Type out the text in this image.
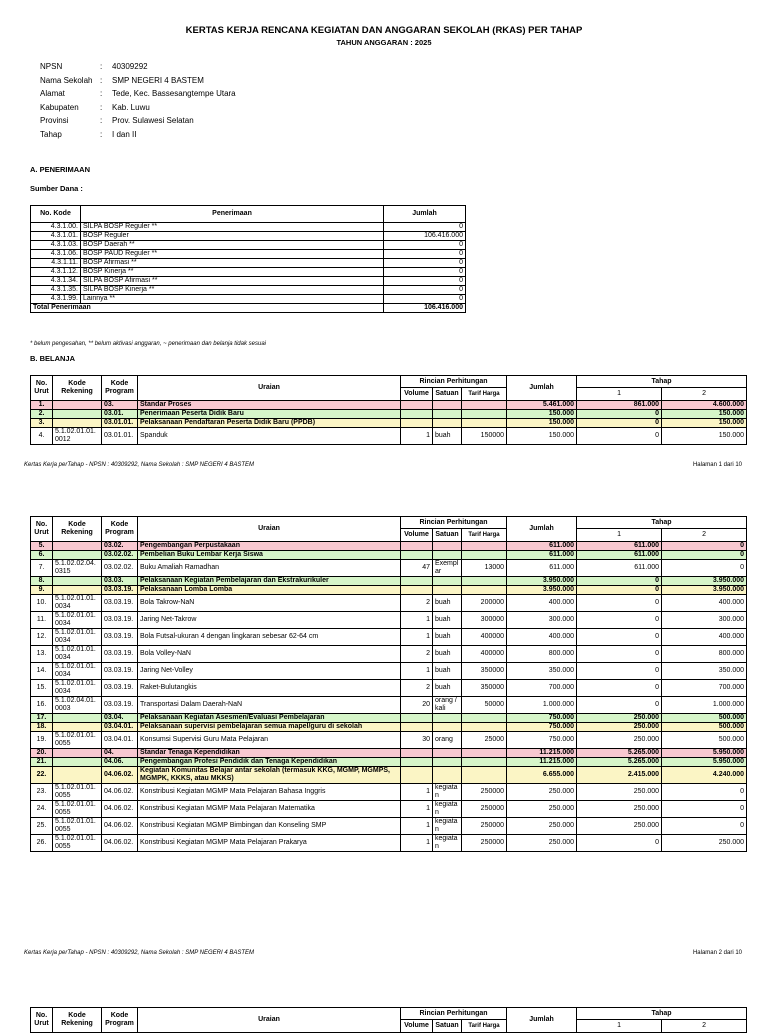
KERTAS KERJA RENCANA KEGIATAN DAN ANGGARAN SEKOLAH (RKAS) PER TAHAP
TAHUN ANGGARAN : 2025
NPSN	:	40309292
Nama Sekolah :	SMP NEGERI 4 BASTEM
Alamat	:	Tede, Kec. Bassesangtempe Utara
Kabupaten	:	Kab. Luwu
Provinsi	:	Prov. Sulawesi Selatan
Tahap	:	I dan II
A. PENERIMAAN
Sumber Dana :
No. Kode	Penerimaan	Jumlah
4.3.1.00.	SILPA BOSP Reguler **	0
4.3.1.01.	BOSP Reguler	106.416.000
4.3.1.03.	BOSP Daerah **	0
4.3.1.06.	BOSP PAUD Reguler **	0
4.3.1.11.	BOSP Afirmasi **	0
4.3.1.12.	BOSP Kinerja **	0
4.3.1.34.	SILPA BOSP Afirmasi **	0
4.3.1.35.	SILPA BOSP Kinerja **	0
4.3.1.99.	Lainnya **	0
Total Penerimaan		106.416.000
* belum pengesahan, ** belum aktivasi anggaran, ~ penerimaan dan belanja tidak sesuai
B. BELANJA
No. Urut	Kode Rekening	Kode Program	Uraian	Rincian Perhitungan			Jumlah	Tahap	
				Volume	Satuan	Tarif Harga		1	2
1.		03.	Standar Proses				5.461.000	861.000	4.600.000
2.		03.01.	Penerimaan Peserta Didik Baru				150.000	0	150.000
3.		03.01.01.	Pelaksanaan Pendaftaran Peserta Didik Baru (PPDB)				150.000	0	150.000
4.	5.1.02.01.01.0012	03.01.01.	Spanduk	1	buah	150000	150.000	0	150.000
Kertas Kerja perTahap - NPSN : 40309292, Nama Sekolah : SMP NEGERI 4 BASTEM	Halaman 1 dari 10
No. Urut	Kode Rekening	Kode Program	Uraian	Rincian Perhitungan			Jumlah	Tahap	
				Volume	Satuan	Tarif Harga		1	2
5.		03.02.	Pengembangan Perpustakaan				611.000	611.000	0
6.		03.02.02.	Pembelian Buku Lembar Kerja Siswa				611.000	611.000	0
7.	5.1.02.02.04.0315	03.02.02.	Buku Amaliah Ramadhan	47	Exemplar	13000	611.000	611.000	0
8.		03.03.	Pelaksanaan Kegiatan Pembelajaran dan Ekstrakurikuler				3.950.000	0	3.950.000
9.		03.03.19.	Pelaksanaan Lomba Lomba				3.950.000	0	3.950.000
10.	5.1.02.01.01.0034	03.03.19.	Bola Takrow-NaN	2	buah	200000	400.000	0	400.000
11.	5.1.02.01.01.0034	03.03.19.	Jaring Net-Takrow	1	buah	300000	300.000	0	300.000
12.	5.1.02.01.01.0034	03.03.19.	Bola Futsal-ukuran 4 dengan lingkaran sebesar 62-64 cm	1	buah	400000	400.000	0	400.000
13.	5.1.02.01.01.0034	03.03.19.	Bola Volley-NaN	2	buah	400000	800.000	0	800.000
14.	5.1.02.01.01.0034	03.03.19.	Jaring Net-Volley	1	buah	350000	350.000	0	350.000
15.	5.1.02.01.01.0034	03.03.19.	Raket-Bulutangkis	2	buah	350000	700.000	0	700.000
16.	5.1.02.04.01.0003	03.03.19.	Transportasi Dalam Daerah-NaN	20	orang / kali	50000	1.000.000	0	1.000.000
17.		03.04.	Pelaksanaan Kegiatan Asesmen/Evaluasi Pembelajaran				750.000	250.000	500.000
18.		03.04.01.	Pelaksanaan supervisi pembelajaran semua mapel/guru di sekolah				750.000	250.000	500.000
19.	5.1.02.01.01.0055	03.04.01.	Konsumsi Supervisi Guru Mata Pelajaran	30	orang	25000	750.000	250.000	500.000
20.		04.	Standar Tenaga Kependidikan				11.215.000	5.265.000	5.950.000
21.		04.06.	Pengembangan Profesi Pendidik dan Tenaga Kependidikan				11.215.000	5.265.000	5.950.000
22.		04.06.02.	Kegiatan Komunitas Belajar antar sekolah (termasuk KKG, MGMP, MGMPS, MGMPK, KKKS, atau MKKS)				6.655.000	2.415.000	4.240.000
23.	5.1.02.01.01.0055	04.06.02.	Konstribusi Kegiatan MGMP Mata Pelajaran Bahasa Inggris	1	kegiatan	250000	250.000	250.000	0
24.	5.1.02.01.01.0055	04.06.02.	Konstribusi Kegiatan MGMP Mata Pelajaran Matematika	1	kegiatan	250000	250.000	250.000	0
25.	5.1.02.01.01.0055	04.06.02.	Konstribusi Kegiatan MGMP Bimbingan dan Konseling SMP	1	kegiatan	250000	250.000	250.000	0
26.	5.1.02.01.01.0055	04.06.02.	Konstribusi Kegiatan MGMP Mata Pelajaran Prakarya	1	kegiatan	250000	250.000	0	250.000
Kertas Kerja perTahap - NPSN : 40309292, Nama Sekolah : SMP NEGERI 4 BASTEM	Halaman 2 dari 10
No. Urut	Kode Rekening	Kode Program	Uraian	Rincian Perhitungan			Jumlah	Tahap	
				Volume	Satuan	Tarif Harga		1	2
